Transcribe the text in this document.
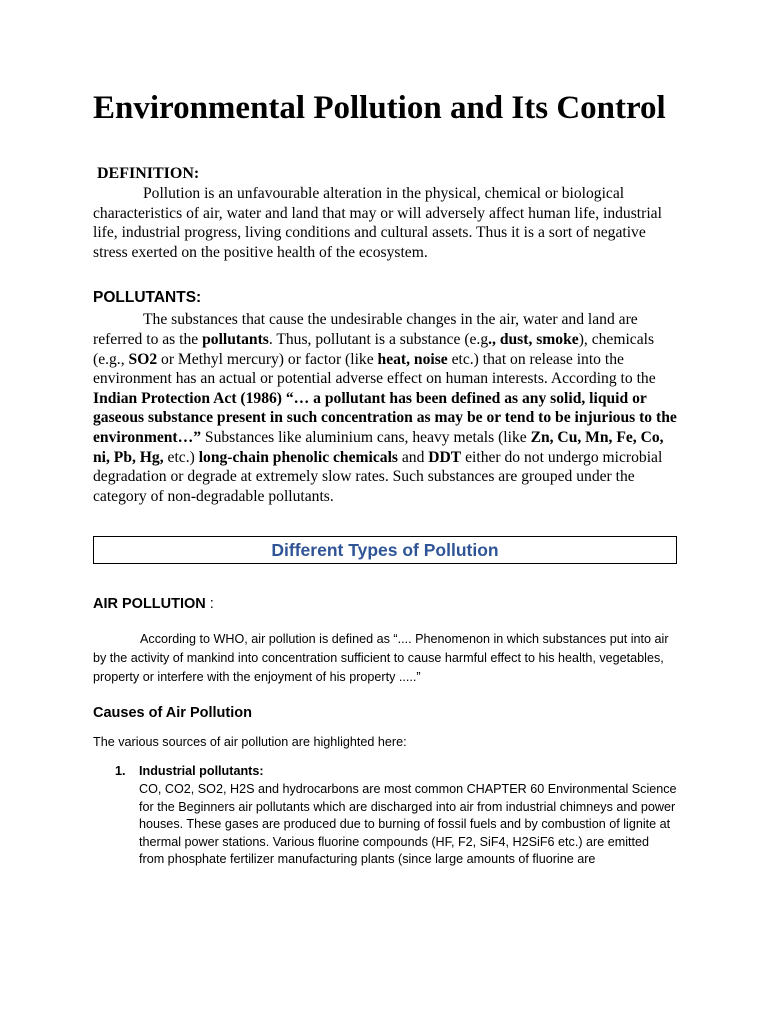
Environmental Pollution and Its Control
DEFINITION:

Pollution is an unfavourable alteration in the physical, chemical or biological characteristics of air, water and land that may or will adversely affect human life, industrial life, industrial progress, living conditions and cultural assets. Thus it is a sort of negative stress exerted on the positive health of the ecosystem.

POLLUTANTS:

The substances that cause the undesirable changes in the air, water and land are referred to as the pollutants. Thus, pollutant is a substance (e.g., dust, smoke), chemicals (e.g., SO2 or Methyl mercury) or factor (like heat, noise etc.) that on release into the environment has an actual or potential adverse effect on human interests. According to the Indian Protection Act (1986) “… a pollutant has been defined as any solid, liquid or gaseous substance present in such concentration as may be or tend to be injurious to the environment…” Substances like aluminium cans, heavy metals (like Zn, Cu, Mn, Fe, Co, ni, Pb, Hg, etc.) long-chain phenolic chemicals and DDT either do not undergo microbial degradation or degrade at extremely slow rates. Such substances are grouped under the category of non-degradable pollutants.

Different Types of Pollution
AIR POLLUTION :

According to WHO, air pollution is defined as “.... Phenomenon in which substances put into air by the activity of mankind into concentration sufficient to cause harmful effect to his health, vegetables, property or interfere with the enjoyment of his property .....”

Causes of Air Pollution

The various sources of air pollution are highlighted here:

1. Industrial pollutants:
CO, CO2, SO2, H2S and hydrocarbons are most common CHAPTER 60 Environmental Science for the Beginners air pollutants which are discharged into air from industrial chimneys and power houses. These gases are produced due to burning of fossil fuels and by combustion of lignite at thermal power stations. Various fluorine compounds (HF, F2, SiF4, H2SiF6 etc.) are emitted from phosphate fertilizer manufacturing plants (since large amounts of fluorine are
